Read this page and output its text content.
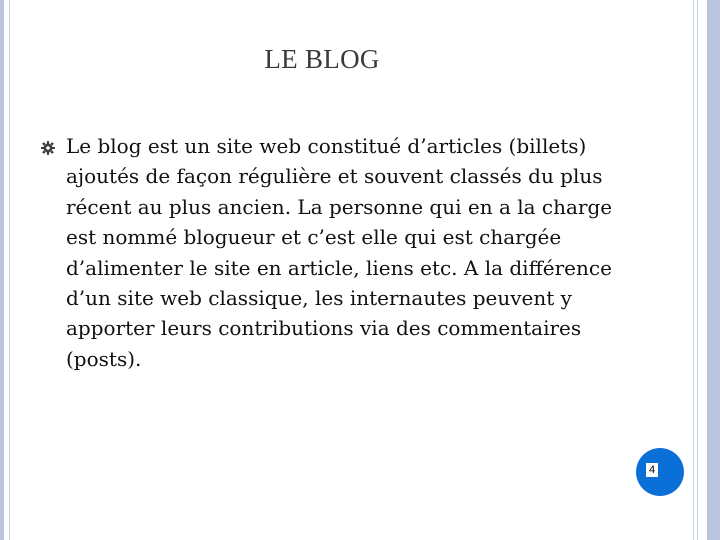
LE BLOG

Le blog est un site web constitué d’articles (billets) ajoutés de façon régulière et souvent classés du plus récent au plus ancien. La personne qui en a la charge est nommé blogueur et c’est elle qui est chargée d’alimenter le site en article, liens etc. A la différence d’un site web classique, les internautes peuvent y apporter leurs contributions via des commentaires (posts).

4
